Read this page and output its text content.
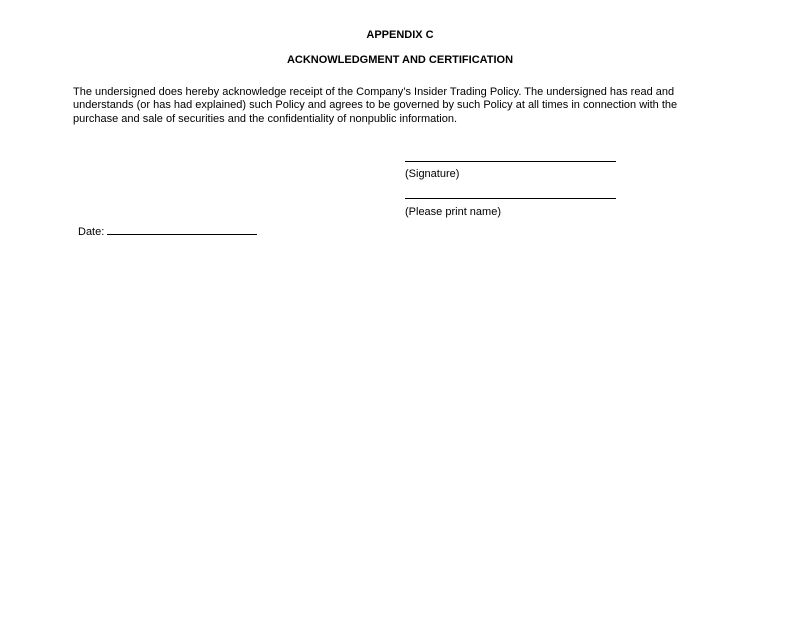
APPENDIX C
ACKNOWLEDGMENT AND CERTIFICATION
The undersigned does hereby acknowledge receipt of the Company’s Insider Trading Policy. The undersigned has read and understands (or has had explained) such Policy and agrees to be governed by such Policy at all times in connection with the purchase and sale of securities and the confidentiality of nonpublic information.
(Signature)
(Please print name)
Date:
